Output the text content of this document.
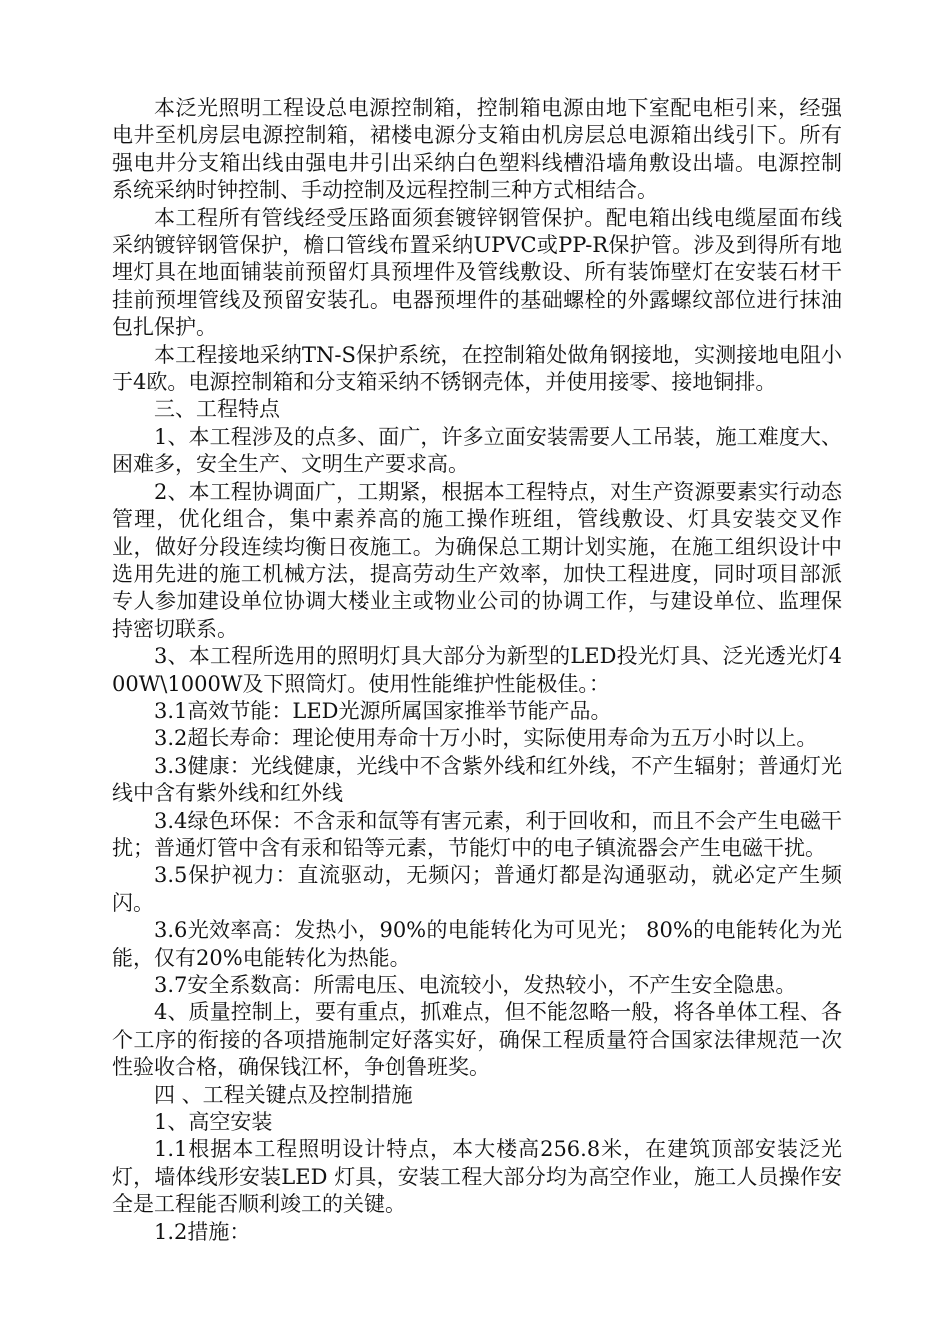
本泛光照明工程设总电源控制箱，控制箱电源由地下室配电柜引来，经强电井至机房层电源控制箱，裙楼电源分支箱由机房层总电源箱出线引下。所有强电井分支箱出线由强电井引出采纳白色塑料线槽沿墙角敷设出墙。电源控制系统采纳时钟控制、手动控制及远程控制三种方式相结合。

本工程所有管线经受压路面须套镀锌钢管保护。配电箱出线电缆屋面布线采纳镀锌钢管保护，檐口管线布置采纳UPVC或PP-R保护管。涉及到得所有地埋灯具在地面铺装前预留灯具预埋件及管线敷设、所有装饰壁灯在安装石材干挂前预埋管线及预留安装孔。电器预埋件的基础螺栓的外露螺纹部位进行抹油包扎保护。

本工程接地采纳TN-S保护系统，在控制箱处做角钢接地，实测接地电阻小于4欧。电源控制箱和分支箱采纳不锈钢壳体，并使用接零、接地铜排。

三、工程特点

1、本工程涉及的点多、面广，许多立面安装需要人工吊装，施工难度大、困难多，安全生产、文明生产要求高。

2、本工程协调面广，工期紧，根据本工程特点，对生产资源要素实行动态管理，优化组合，集中素养高的施工操作班组，管线敷设、灯具安装交叉作业，做好分段连续均衡日夜施工。为确保总工期计划实施，在施工组织设计中选用先进的施工机械方法，提高劳动生产效率，加快工程进度，同时项目部派专人参加建设单位协调大楼业主或物业公司的协调工作，与建设单位、监理保持密切联系。

3、本工程所选用的照明灯具大部分为新型的LED投光灯具、泛光透光灯400W\1000W及下照筒灯。使用性能维护性能极佳。：

3.1高效节能：LED光源所属国家推举节能产品。

3.2超长寿命：理论使用寿命十万小时，实际使用寿命为五万小时以上。

3.3健康：光线健康，光线中不含紫外线和红外线，不产生辐射；普通灯光线中含有紫外线和红外线

3.4绿色环保：不含汞和氙等有害元素，利于回收和，而且不会产生电磁干扰；普通灯管中含有汞和铅等元素，节能灯中的电子镇流器会产生电磁干扰。

3.5保护视力：直流驱动，无频闪；普通灯都是沟通驱动，就必定产生频闪。

3.6光效率高：发热小，90%的电能转化为可见光； 80%的电能转化为光能，仅有20%电能转化为热能。

3.7安全系数高：所需电压、电流较小，发热较小，不产生安全隐患。

4、质量控制上，要有重点，抓难点，但不能忽略一般，将各单体工程、各个工序的衔接的各项措施制定好落实好，确保工程质量符合国家法律规范一次性验收合格，确保钱江杯，争创鲁班奖。

四 、工程关键点及控制措施

1、高空安装

1.1根据本工程照明设计特点，本大楼高256.8米，在建筑顶部安装泛光灯，墙体线形安装LED 灯具，安装工程大部分均为高空作业，施工人员操作安全是工程能否顺利竣工的关键。

1.2措施：
